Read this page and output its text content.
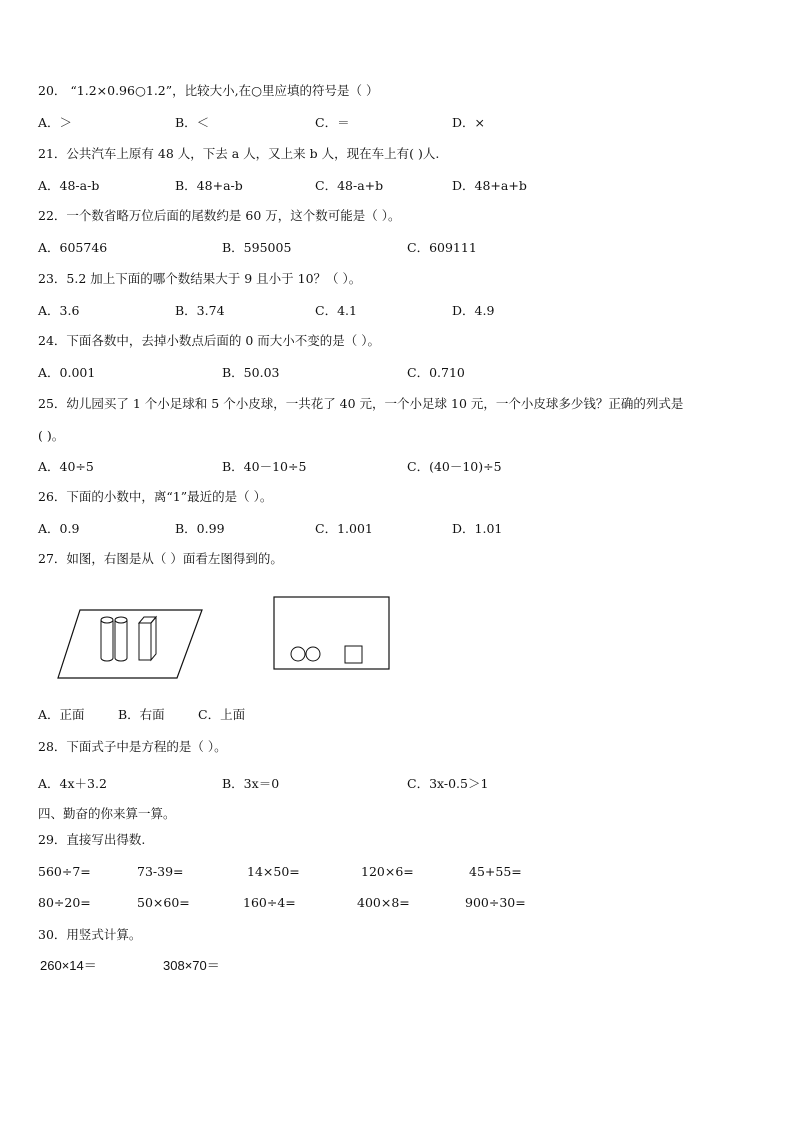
20． “1.2×0.96○1.2”，比较大小,在○里应填的符号是（ ）
A．＞	B．＜	C．＝	D．×
21．公共汽车上原有 48 人，下去 a 人，又上来 b 人，现在车上有( )人.
A．48-a-b	B．48+a-b	C．48-a+b	D．48+a+b
22．一个数省略万位后面的尾数约是 60 万，这个数可能是（ ）。
A．605746	B．595005	C．609111
23．5.2 加上下面的哪个数结果大于 9 且小于 10？（ ）。
A．3.6	B．3.74	C．4.1	D．4.9
24．下面各数中，去掉小数点后面的 0 而大小不变的是（ ）。
A．0.001	B．50.03	C．0.710
25．幼儿园买了 1 个小足球和 5 个小皮球，一共花了 40 元，一个小足球 10 元，一个小皮球多少钱？正确的列式是
( )。
A．40÷5	B．40－10÷5	C．(40－10)÷5
26．下面的小数中，离“1”最近的是（ ）。
A．0.9	B．0.99	C．1.001	D．1.01
27．如图，右图是从（ ）面看左图得到的。
A．正面	B．右面	C．上面
28．下面式子中是方程的是（ ）。
A．4x＋3.2	B．3x＝0	C．3x-0.5＞1
四、勤奋的你来算一算。
29．直接写出得数.
560÷7=	73-39=	14×50=	120×6=	45+55=
80÷20=	50×60=	160÷4=	400×8=	900÷30=
30．用竖式计算。
260×14＝	308×70＝
